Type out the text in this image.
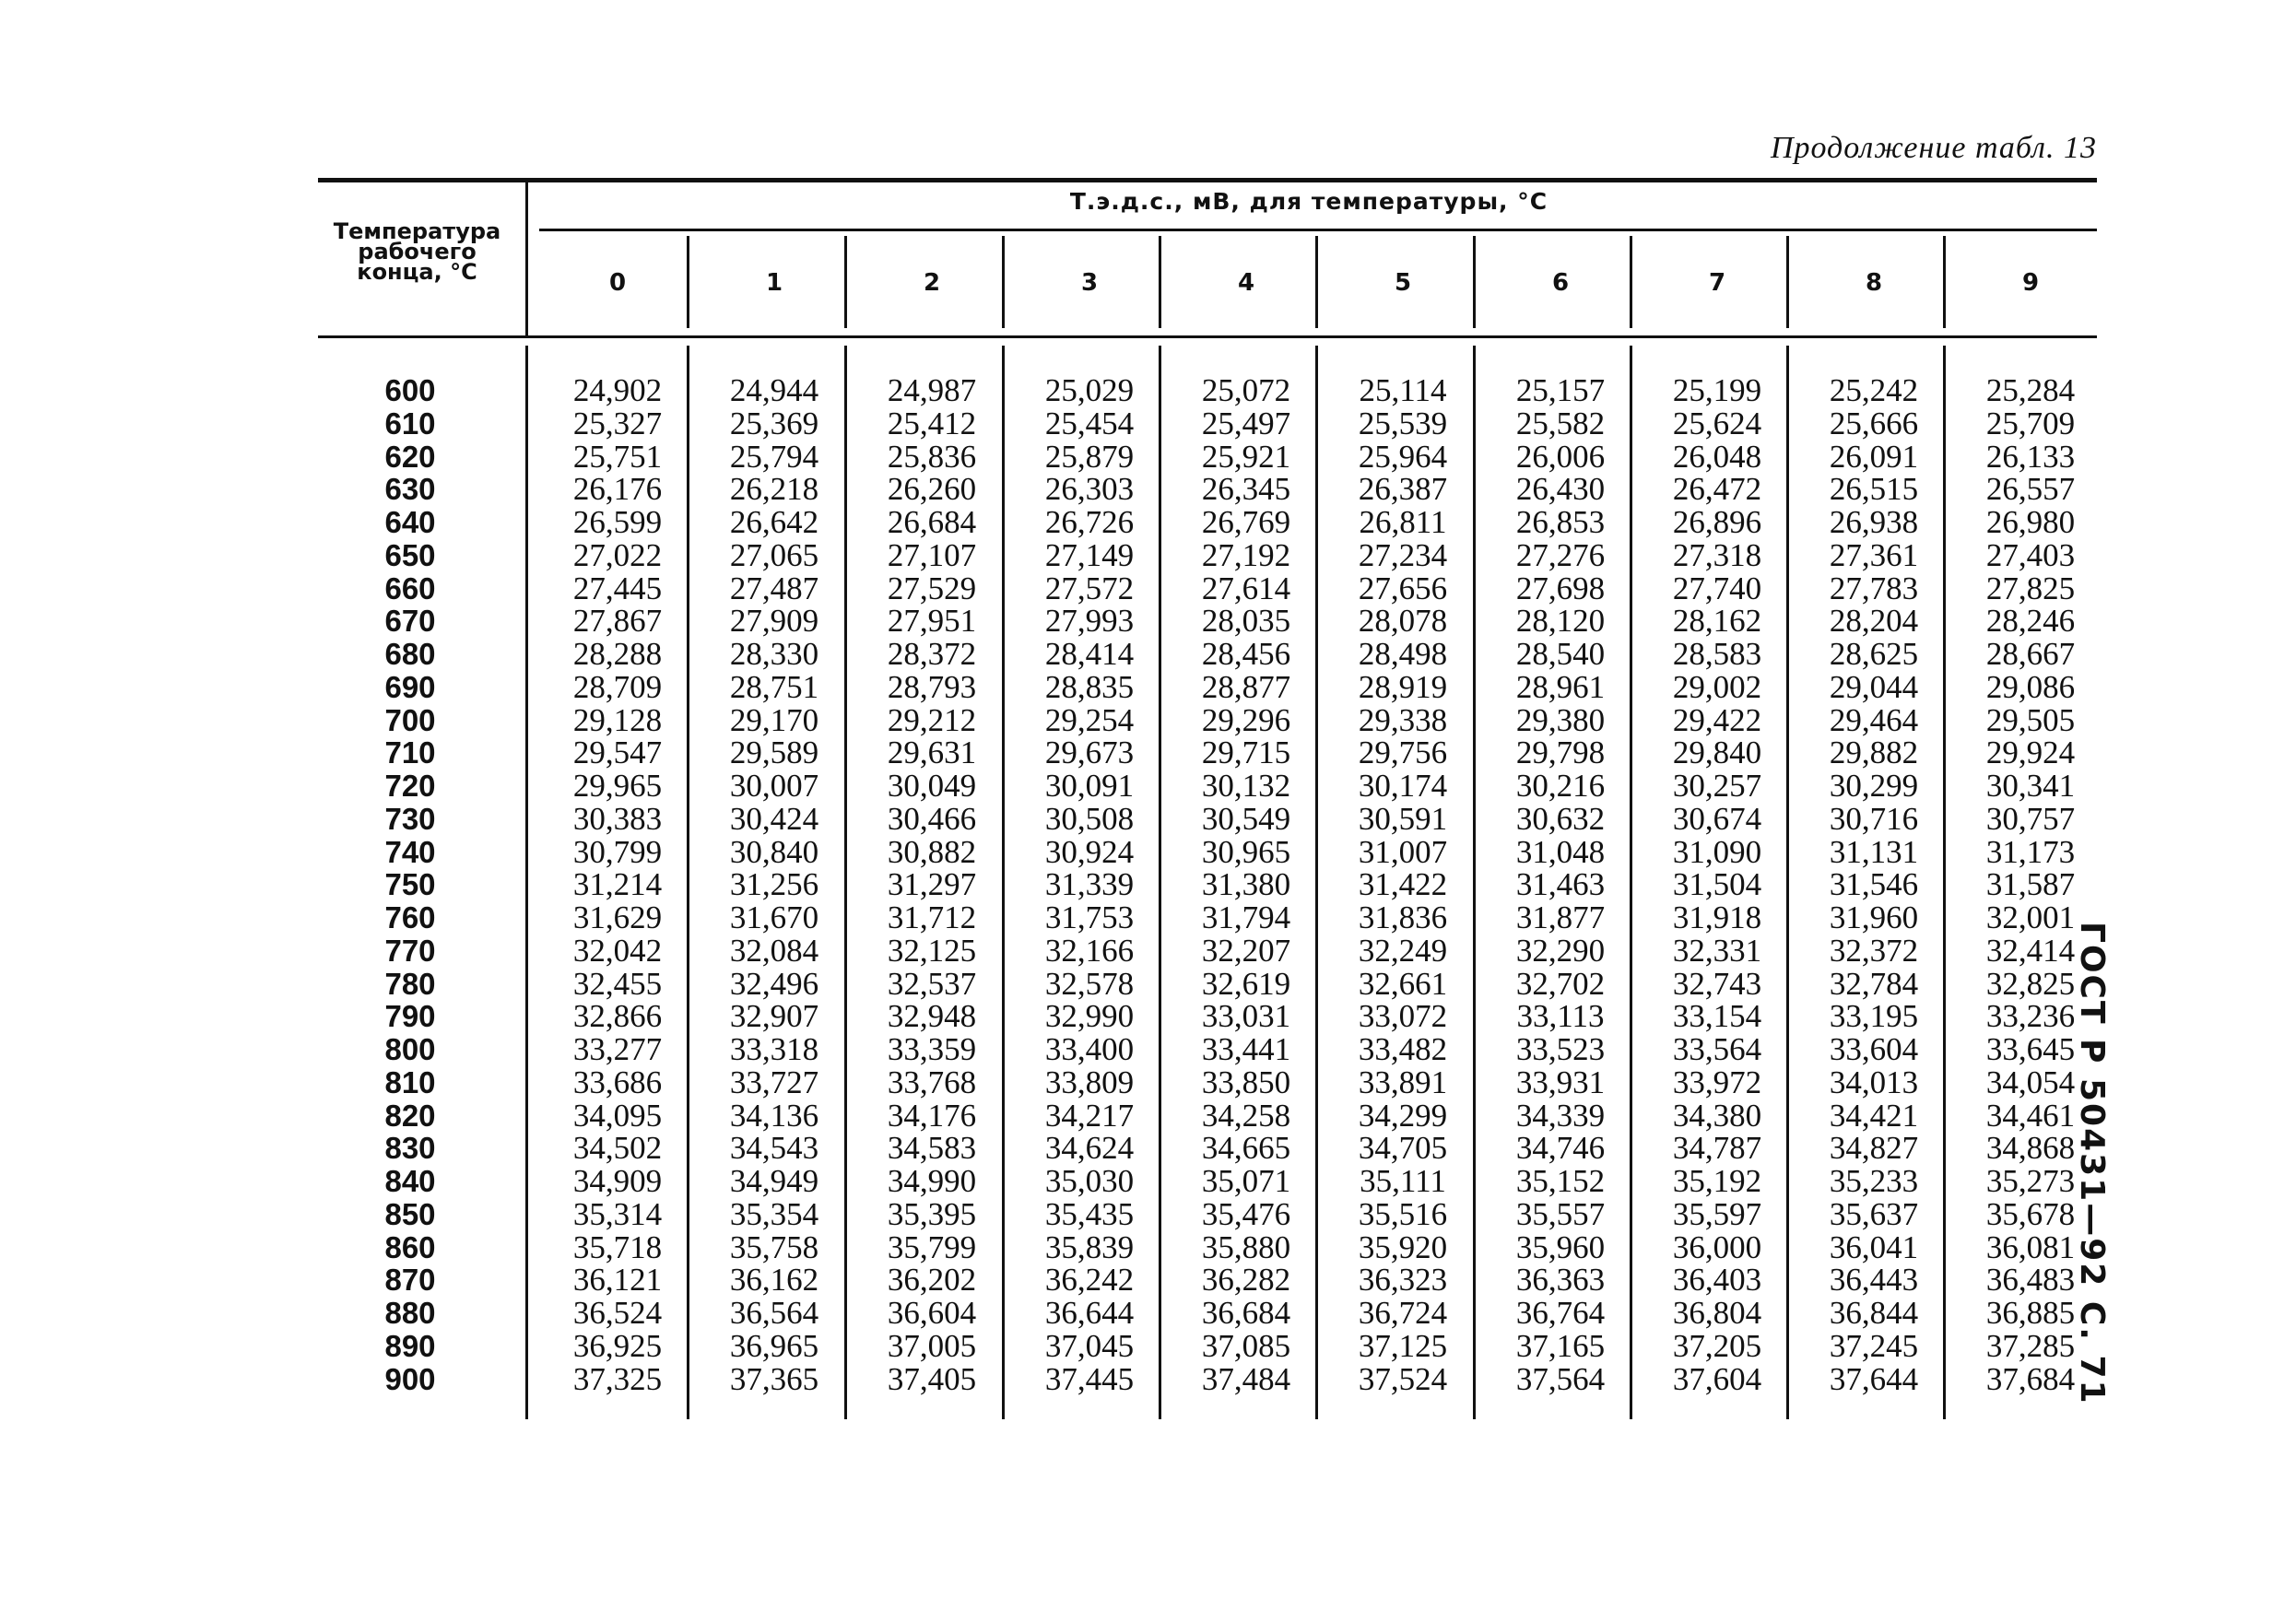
Продолжение табл. 13
ГОСТ Р 50431—92 С. 71
Температура
рабочего
конца, °С
Т.э.д.с., мВ, для температуры, °С
0	1	2	3	4	5	6	7	8	9
600	24,902	24,944	24,987	25,029	25,072	25,114	25,157	25,199	25,242	25,284
610	25,327	25,369	25,412	25,454	25,497	25,539	25,582	25,624	25,666	25,709
620	25,751	25,794	25,836	25,879	25,921	25,964	26,006	26,048	26,091	26,133
630	26,176	26,218	26,260	26,303	26,345	26,387	26,430	26,472	26,515	26,557
640	26,599	26,642	26,684	26,726	26,769	26,811	26,853	26,896	26,938	26,980
650	27,022	27,065	27,107	27,149	27,192	27,234	27,276	27,318	27,361	27,403
660	27,445	27,487	27,529	27,572	27,614	27,656	27,698	27,740	27,783	27,825
670	27,867	27,909	27,951	27,993	28,035	28,078	28,120	28,162	28,204	28,246
680	28,288	28,330	28,372	28,414	28,456	28,498	28,540	28,583	28,625	28,667
690	28,709	28,751	28,793	28,835	28,877	28,919	28,961	29,002	29,044	29,086
700	29,128	29,170	29,212	29,254	29,296	29,338	29,380	29,422	29,464	29,505
710	29,547	29,589	29,631	29,673	29,715	29,756	29,798	29,840	29,882	29,924
720	29,965	30,007	30,049	30,091	30,132	30,174	30,216	30,257	30,299	30,341
730	30,383	30,424	30,466	30,508	30,549	30,591	30,632	30,674	30,716	30,757
740	30,799	30,840	30,882	30,924	30,965	31,007	31,048	31,090	31,131	31,173
750	31,214	31,256	31,297	31,339	31,380	31,422	31,463	31,504	31,546	31,587
760	31,629	31,670	31,712	31,753	31,794	31,836	31,877	31,918	31,960	32,001
770	32,042	32,084	32,125	32,166	32,207	32,249	32,290	32,331	32,372	32,414
780	32,455	32,496	32,537	32,578	32,619	32,661	32,702	32,743	32,784	32,825
790	32,866	32,907	32,948	32,990	33,031	33,072	33,113	33,154	33,195	33,236
800	33,277	33,318	33,359	33,400	33,441	33,482	33,523	33,564	33,604	33,645
810	33,686	33,727	33,768	33,809	33,850	33,891	33,931	33,972	34,013	34,054
820	34,095	34,136	34,176	34,217	34,258	34,299	34,339	34,380	34,421	34,461
830	34,502	34,543	34,583	34,624	34,665	34,705	34,746	34,787	34,827	34,868
840	34,909	34,949	34,990	35,030	35,071	35,111	35,152	35,192	35,233	35,273
850	35,314	35,354	35,395	35,435	35,476	35,516	35,557	35,597	35,637	35,678
860	35,718	35,758	35,799	35,839	35,880	35,920	35,960	36,000	36,041	36,081
870	36,121	36,162	36,202	36,242	36,282	36,323	36,363	36,403	36,443	36,483
880	36,524	36,564	36,604	36,644	36,684	36,724	36,764	36,804	36,844	36,885
890	36,925	36,965	37,005	37,045	37,085	37,125	37,165	37,205	37,245	37,285
900	37,325	37,365	37,405	37,445	37,484	37,524	37,564	37,604	37,644	37,684
